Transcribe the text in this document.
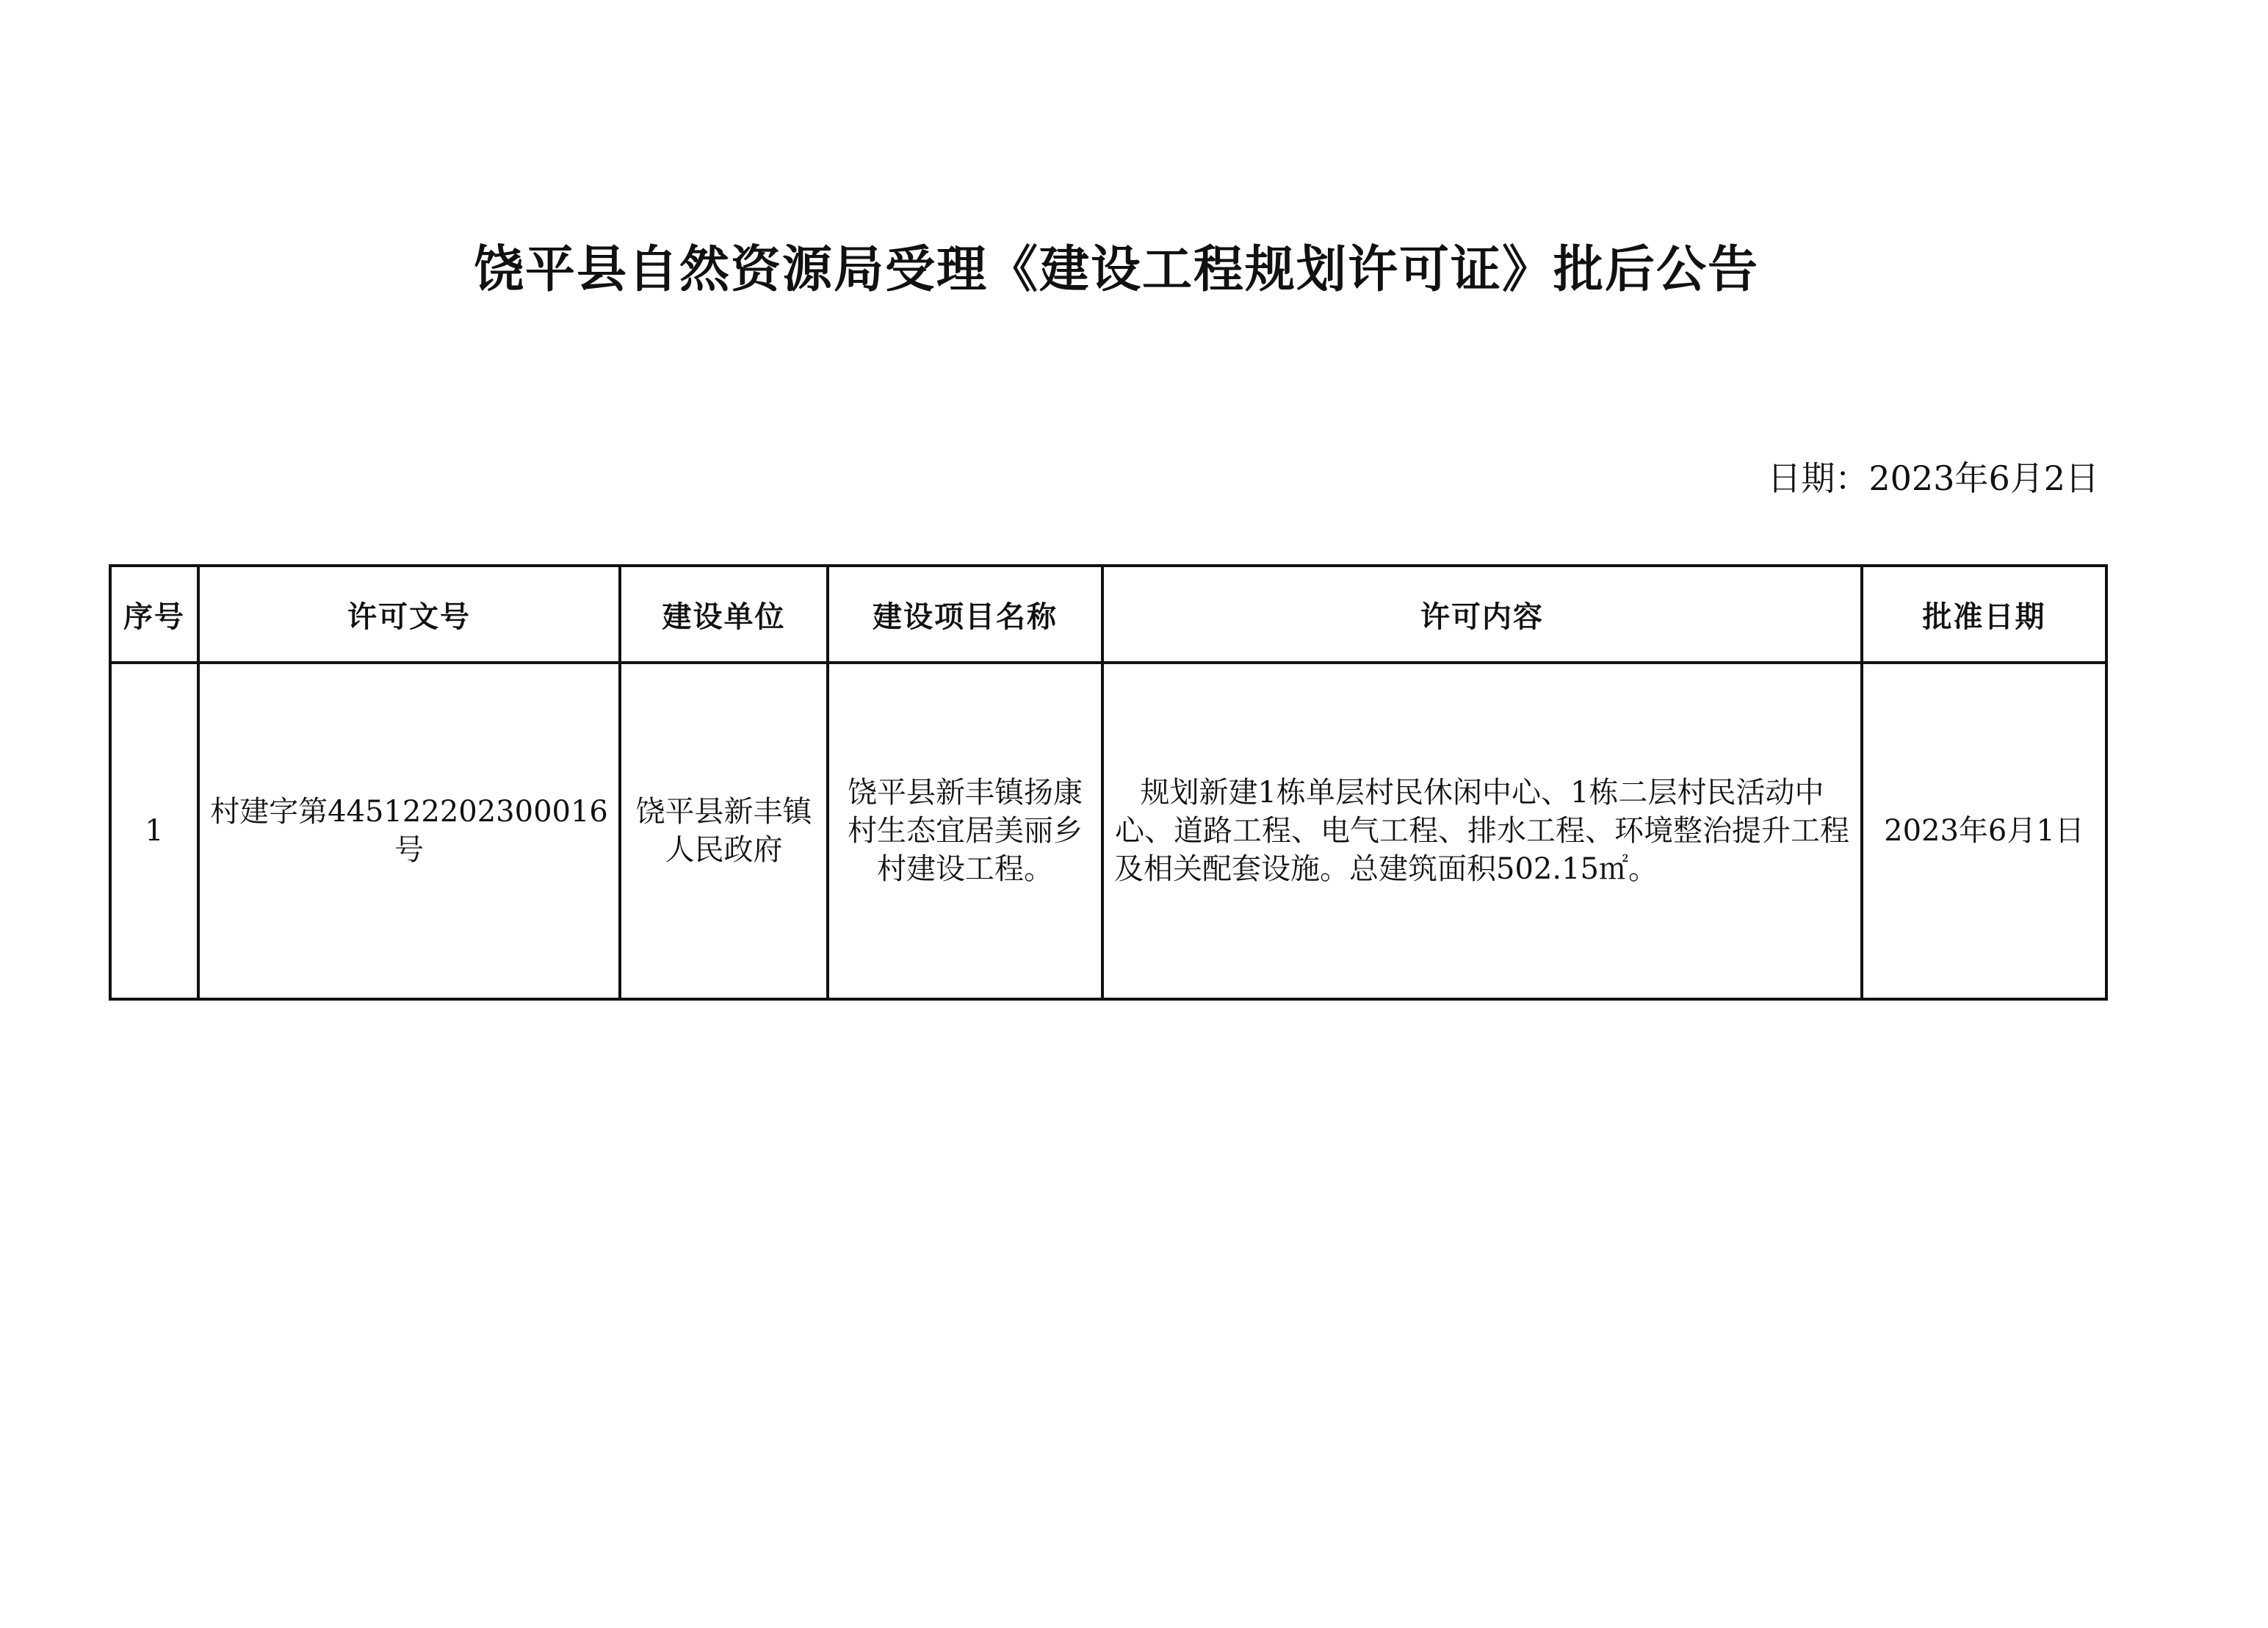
饶平县自然资源局受理《建设工程规划许可证》批后公告
日期：2023年6月2日
序号	许可文号	建设单位	建设项目名称	许可内容	批准日期
1	村建字第445122202300016号	饶平县新丰镇人民政府	饶平县新丰镇扬康村生态宜居美丽乡村建设工程。	规划新建1栋单层村民休闲中心、1栋二层村民活动中心、道路工程、电气工程、排水工程、环境整治提升工程及相关配套设施。总建筑面积502.15㎡。	2023年6月1日
